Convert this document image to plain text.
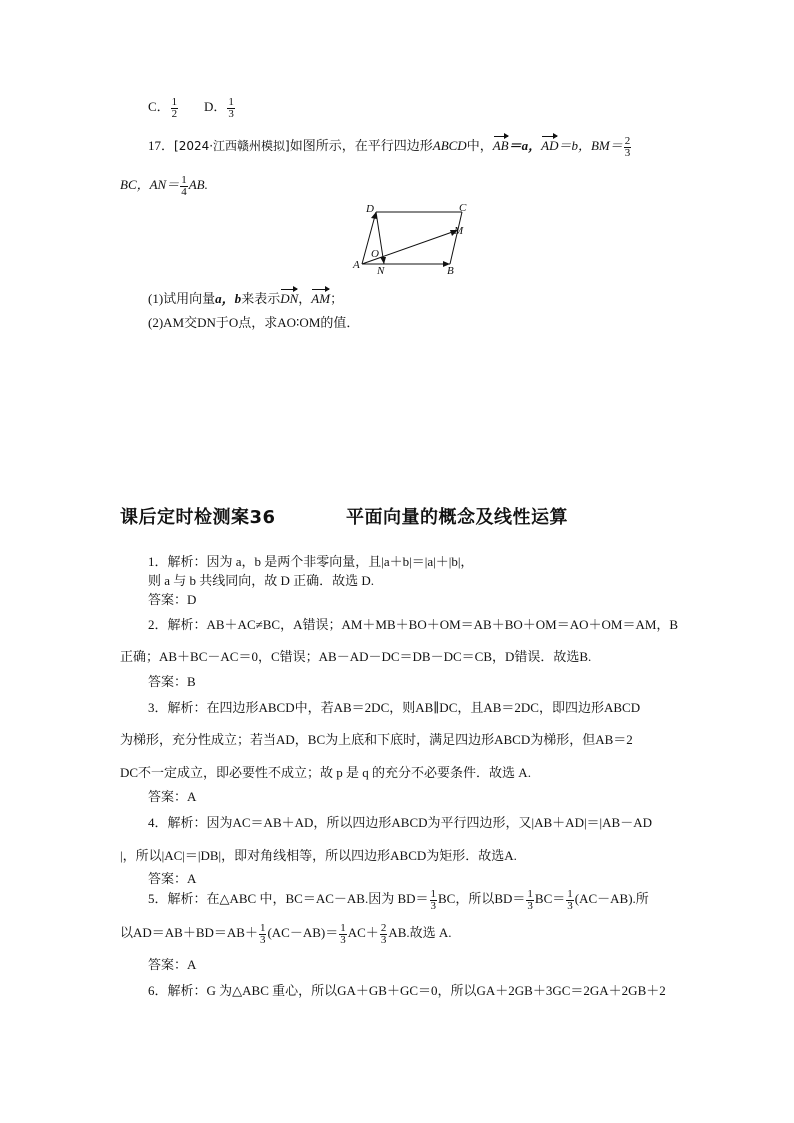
C． $\frac{1}{2}$ D． $\frac{1}{3}$
17．[2024·江西赣州模拟]如图所示，在平行四边形ABCD中，AB＝a，AD＝b，$BM= \frac{2}{3}$
BC，$AN= \frac{1}{4}$ AB.
D	C
M
O
A N	B
(1)试用向量a，b来表示DN，AM；
(2)AM交DN于O点，求AO∶OM的值．
课后定时检测案36	平面向量的概念及线性运算
1．解析：因为 a，b 是两个非零向量，且|a＋b|＝|a|＋|b|，
则 a 与 b 共线同向，故 D 正确．故选 D.
答案：D
2．解析：AB＋AC≠BC，A错误；AM＋MB＋BO＋OM＝AB＋BO＋OM＝AO＋OM＝AM，B
正确；AB＋BC－AC＝0，C错误；AB－AD－DC＝DB－DC＝CB，D错误．故选B.
答案：B
3．解析：在四边形ABCD中，若AB＝2DC，则AB∥DC，且AB＝2DC，即四边形ABCD
为梯形，充分性成立；若当AD，BC为上底和下底时，满足四边形ABCD为梯形，但AB＝2
DC不一定成立，即必要性不成立；故 p 是 q 的充分不必要条件．故选 A.
答案：A
4．解析：因为AC＝AB＋AD，所以四边形ABCD为平行四边形，又|AB＋AD|＝|AB－AD
|，所以|AC|＝|DB|，即对角线相等，所以四边形ABCD为矩形．故选A.
答案：A
5．解析：在△ABC 中，BC＝AC－AB.因为 $BD= \frac{1}{3}$ BC，所以$BD= \frac{1}{3} BC= \frac{1}{3} (AC-AB)$.所
以$AD=AB+BD=AB+ \frac{1}{3} (AC-AB)= \frac{1}{3} AC+ \frac{2}{3}$ AB.故选 A.
答案：A
6．解析：G 为△ABC 重心，所以GA＋GB＋GC＝0，所以GA＋2GB＋3GC＝2GA＋2GB＋2
